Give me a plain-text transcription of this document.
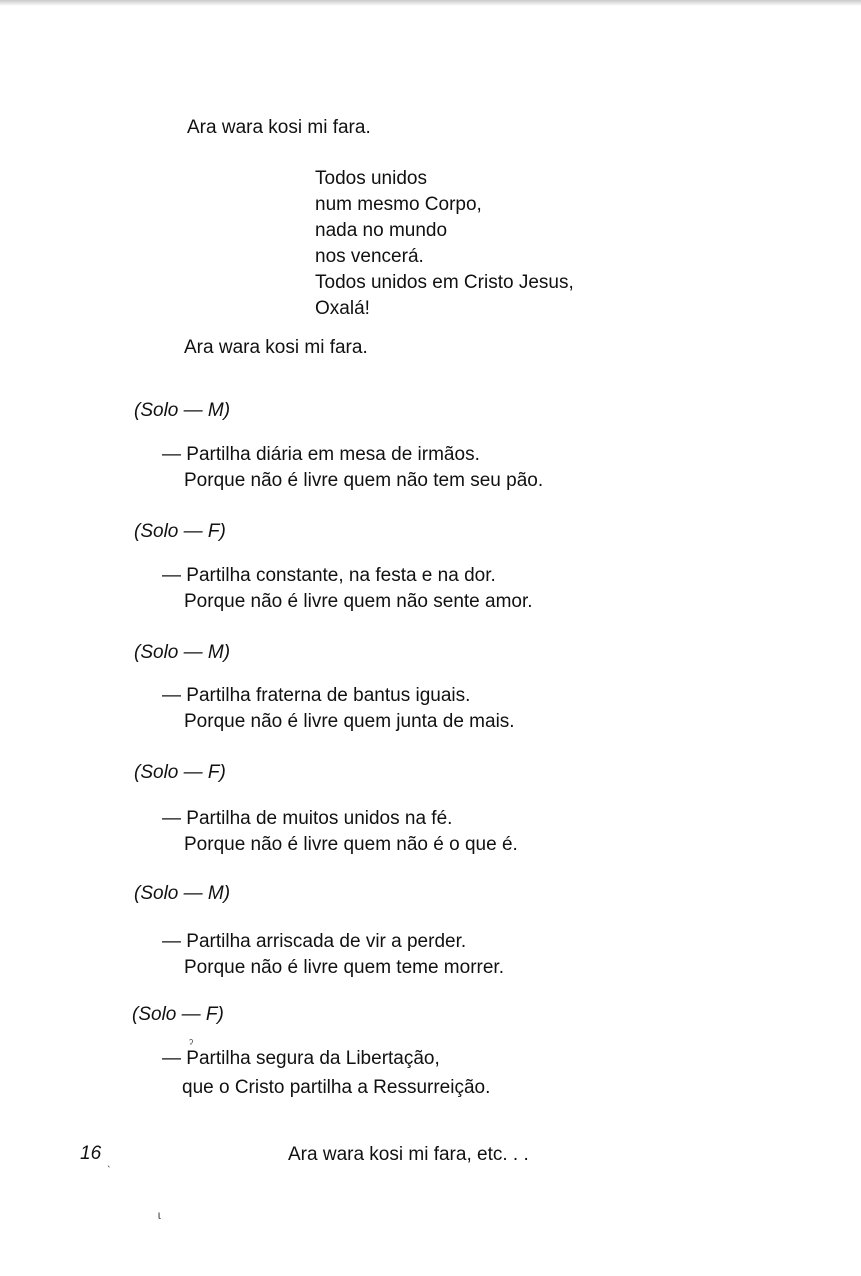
Ara wara kosi mi fara.
Todos unidos
num mesmo Corpo,
nada no mundo
nos vencerá.
Todos unidos em Cristo Jesus,
Oxalá!
Ara wara kosi mi fara.
(Solo — M)
— Partilha diária em mesa de irmãos.
Porque não é livre quem não tem seu pão.
(Solo — F)
— Partilha constante, na festa e na dor.
Porque não é livre quem não sente amor.
(Solo — M)
— Partilha fraterna de bantus iguais.
Porque não é livre quem junta de mais.
(Solo — F)
— Partilha de muitos unidos na fé.
Porque não é livre quem não é o que é.
(Solo — M)
— Partilha arriscada de vir a perder.
Porque não é livre quem teme morrer.
(Solo — F)
— Partilha segura da Libertação,
que o Cristo partilha a Ressurreição.
16	Ara wara kosi mi fara, etc. . .
ˎ
ˀ
ɩ
